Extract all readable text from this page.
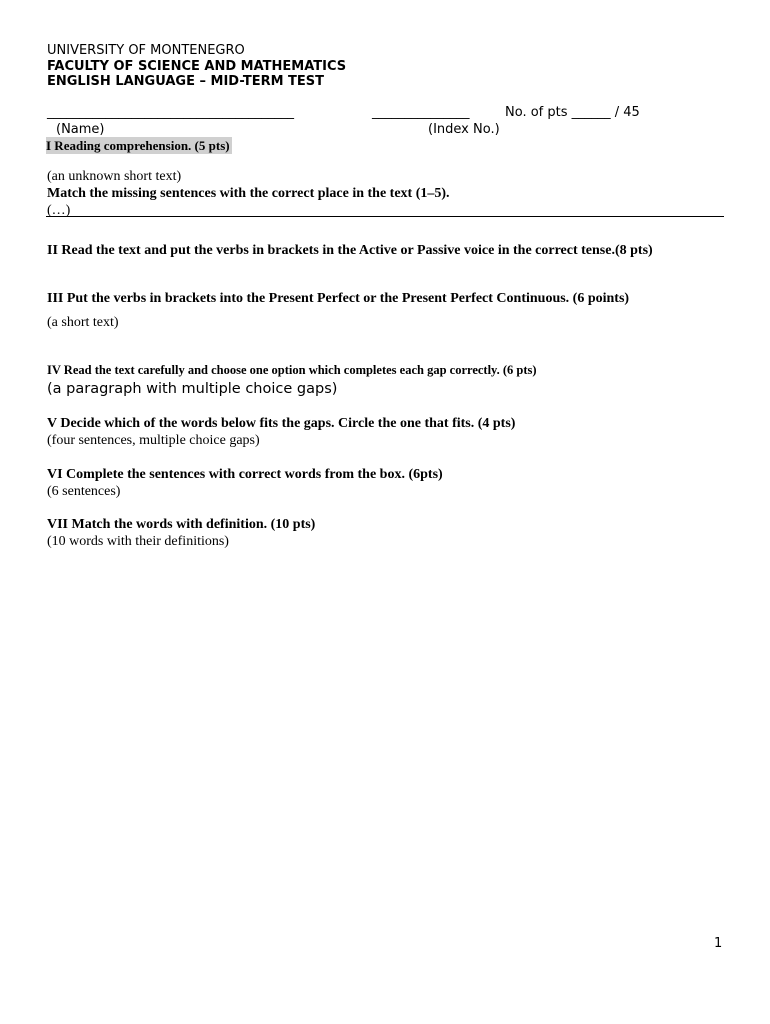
UNIVERSITY OF MONTENEGRO
FACULTY OF SCIENCE AND MATHEMATICS
ENGLISH LANGUAGE – MID-TERM TEST
______________________________________	_______________	No. of pts ______ / 45
(Name)	(Index No.)
I Reading comprehension. (5 pts)
(an unknown short text)
Match the missing sentences with the correct place in the text (1–5).
(…)
II Read the text and put the verbs in brackets in the Active or Passive voice in the correct tense.(8 pts)
III Put the verbs in brackets into the Present Perfect or the Present Perfect Continuous. (6 points)
(a short text)
IV Read the text carefully and choose one option which completes each gap correctly. (6 pts)
(a paragraph with multiple choice gaps)
V Decide which of the words below fits the gaps. Circle the one that fits. (4 pts)
(four sentences, multiple choice gaps)
VI Complete the sentences with correct words from the box. (6pts)
(6 sentences)
VII Match the words with definition. (10 pts)
(10 words with their definitions)
1
